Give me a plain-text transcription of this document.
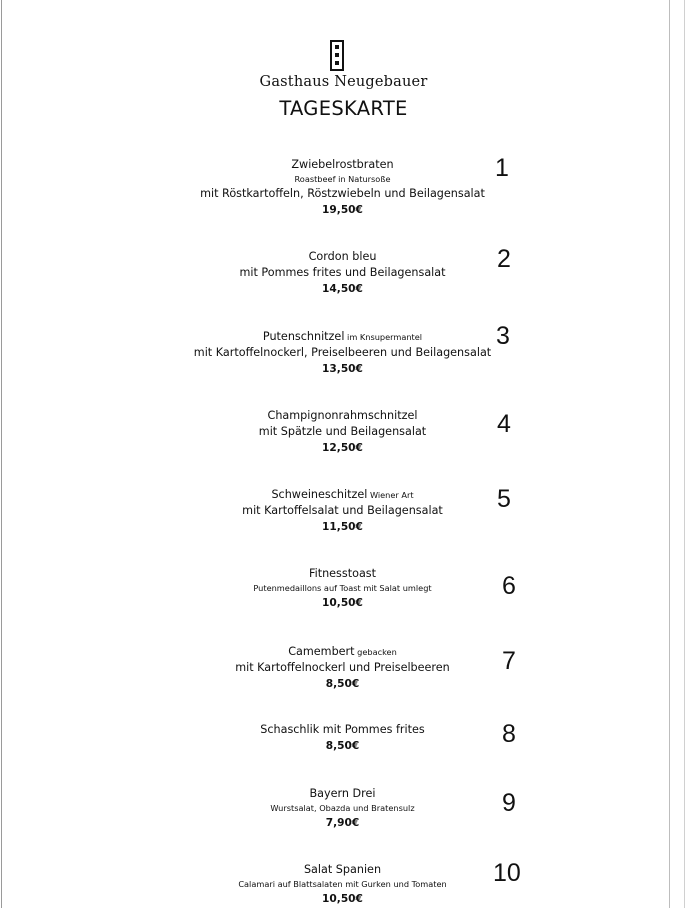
Gasthaus Neugebauer
TAGESKARTE
Zwiebelrostbraten
Roastbeef in Natursoße
mit Röstkartoffeln, Röstzwiebeln und Beilagensalat
19,50€
1
Cordon bleu
mit Pommes frites und Beilagensalat
14,50€
2
Putenschnitzel im Knsupermantel
mit Kartoffelnockerl, Preiselbeeren und Beilagensalat
13,50€
3
Champignonrahmschnitzel
mit Spätzle und Beilagensalat
12,50€
4
Schweineschitzel Wiener Art
mit Kartoffelsalat und Beilagensalat
11,50€
5
Fitnesstoast
Putenmedaillons auf Toast mit Salat umlegt
10,50€
6
Camembert gebacken
mit Kartoffelnockerl und Preiselbeeren
8,50€
7
Schaschlik mit Pommes frites
8,50€	8
Bayern Drei
Wurstsalat, Obazda und Bratensulz
7,90€
9
Salat Spanien
Calamari auf Blattsalaten mit Gurken und Tomaten
10,50€
10
